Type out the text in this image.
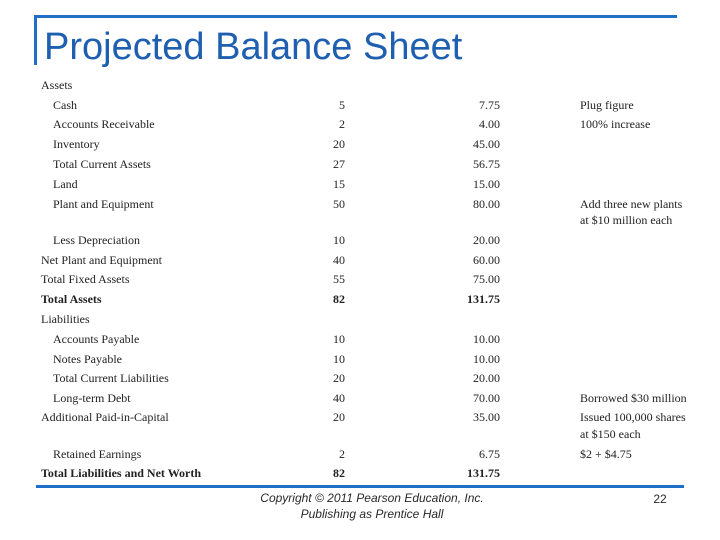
Projected Balance Sheet
Assets
Cash	5	7.75	Plug figure
Accounts Receivable	2	4.00	100% increase
Inventory	20	45.00
Total Current Assets	27	56.75
Land	15	15.00
Plant and Equipment	50	80.00	Add three new plants
at $10 million each
Less Depreciation	10	20.00
Net Plant and Equipment	40	60.00
Total Fixed Assets	55	75.00
Total Assets	82	131.75
Liabilities
Accounts Payable	10	10.00
Notes Payable	10	10.00
Total Current Liabilities	20	20.00
Long-term Debt	40	70.00	Borrowed $30 million
Additional Paid-in-Capital	20	35.00	Issued 100,000 shares
at $150 each
Retained Earnings	2	6.75	$2 + $4.75
Total Liabilities and Net Worth	82	131.75
Copyright © 2011 Pearson Education, Inc.
Publishing as Prentice Hall
22
